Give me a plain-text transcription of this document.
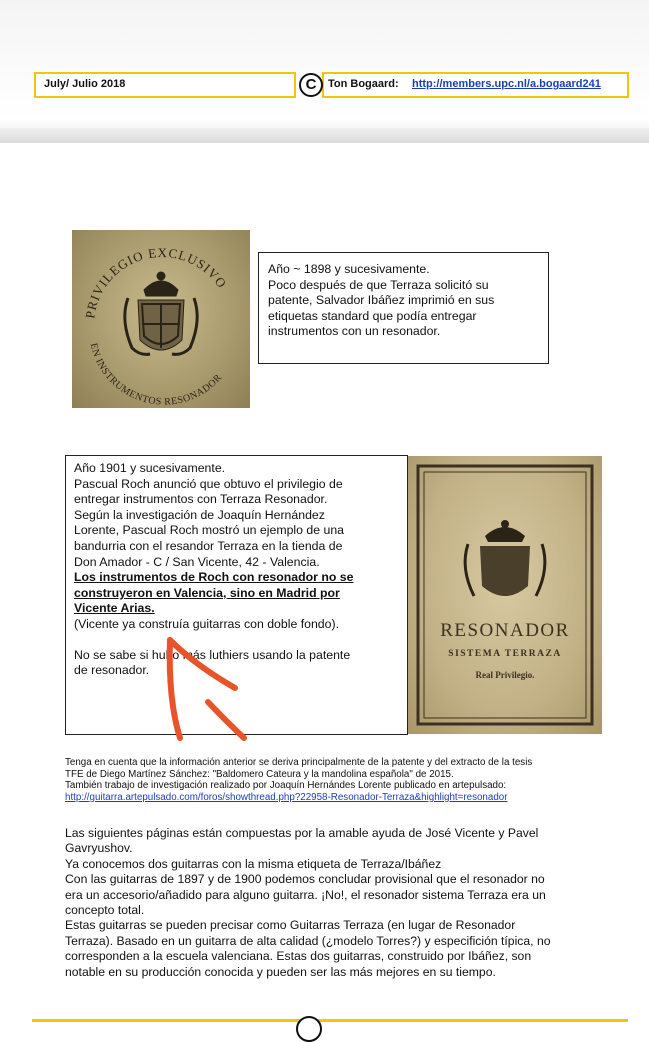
July/ Julio 2018	C	Ton Bogaard: http://members.upc.nl/a.bogaard241
PRIVILEGIO EXCLUSIVO
EN INSTRUMENTOS RESONADOR

Año ~ 1898 y sucesivamente.

Poco después de que Terraza solicitó su

patente, Salvador Ibáñez imprimió en sus

etiquetas standard que podía entregar

instrumentos con un resonador.

Año 1901 y sucesivamente.

Pascual Roch anunció que obtuvo el privilegio de

entregar instrumentos con Terraza Resonador.

Según la investigación de Joaquín Hernández

Lorente, Pascual Roch mostró un ejemplo de una

bandurria con el resandor Terraza en la tienda de

Don Amador - C / San Vicente, 42 - Valencia.

Los instrumentos de Roch con resonador no se

construyeron en Valencia, sino en Madrid por

Vicente Arias.

(Vicente ya construía guitarras con doble fondo).

No se sabe si hubo más luthiers usando la patente

de resonador.

RESONADOR
SISTEMA TERRAZA
Real Privilegio.
Tenga en cuenta que la información anterior se deriva principalmente de la patente y del extracto de la tesis
TFE de Diego Martínez Sánchez: "Baldomero Cateura y la mandolina española" de 2015.
También trabajo de investigación realizado por Joaquín Hernándes Lorente publicado en artepulsado:
http://guitarra.artepulsado.com/foros/showthread.php?22958-Resonador-Terraza&highlight=resonador
Las siguientes páginas están compuestas por la amable ayuda de José Vicente y Pavel
Gavryushov.
Ya conocemos dos guitarras con la misma etiqueta de Terraza/Ibáñez
Con las guitarras de 1897 y de 1900 podemos concludar provisional que el resonador no
era un accesorio/añadido para alguno guitarra. ¡No!, el resonador sistema Terraza era un
concepto total.
Estas guitarras se pueden precisar como Guitarras Terraza (en lugar de Resonador
Terraza). Basado en un guitarra de alta calidad (¿modelo Torres?) y especifición típica, no
corresponden a la escuela valenciana. Estas dos guitarras, construido por Ibáñez, son
notable en su producción conocida y pueden ser las más mejores en su tiempo.
